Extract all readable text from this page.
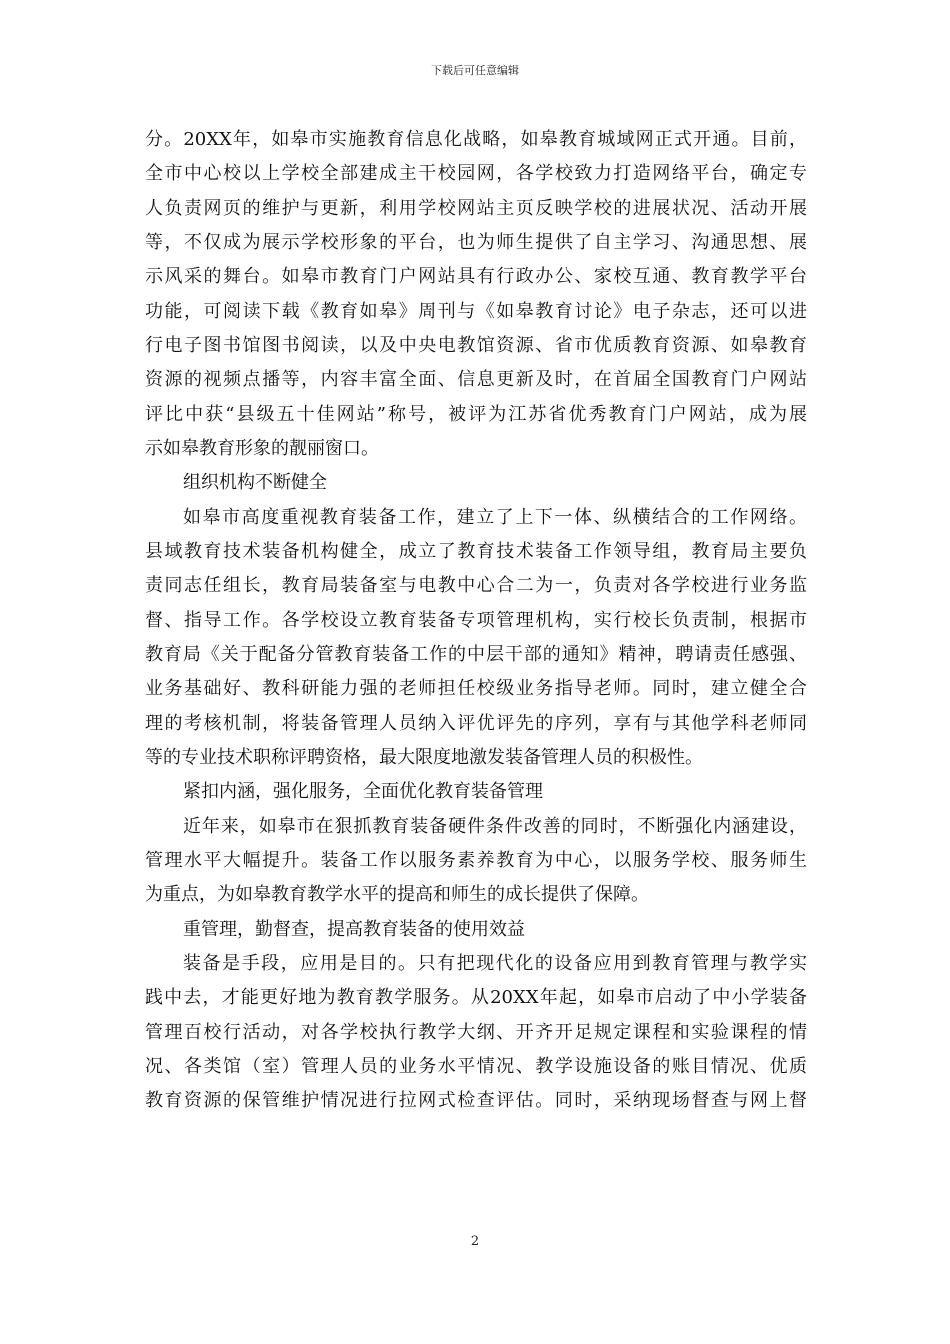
下载后可任意编辑
分。20XX年，如皋市实施教育信息化战略，如皋教育城域网正式开通。目前，
全市中心校以上学校全部建成主干校园网，各学校致力打造网络平台，确定专
人负责网页的维护与更新，利用学校网站主页反映学校的进展状况、活动开展
等，不仅成为展示学校形象的平台，也为师生提供了自主学习、沟通思想、展
示风采的舞台。如皋市教育门户网站具有行政办公、家校互通、教育教学平台
功能，可阅读下载《教育如皋》周刊与《如皋教育讨论》电子杂志，还可以进
行电子图书馆图书阅读，以及中央电教馆资源、省市优质教育资源、如皋教育
资源的视频点播等，内容丰富全面、信息更新及时，在首届全国教育门户网站
评比中获“县级五十佳网站”称号，被评为江苏省优秀教育门户网站，成为展
示如皋教育形象的靓丽窗口。
组织机构不断健全
如皋市高度重视教育装备工作，建立了上下一体、纵横结合的工作网络。
县域教育技术装备机构健全，成立了教育技术装备工作领导组，教育局主要负
责同志任组长，教育局装备室与电教中心合二为一，负责对各学校进行业务监
督、指导工作。各学校设立教育装备专项管理机构，实行校长负责制，根据市
教育局《关于配备分管教育装备工作的中层干部的通知》精神，聘请责任感强、
业务基础好、教科研能力强的老师担任校级业务指导老师。同时，建立健全合
理的考核机制，将装备管理人员纳入评优评先的序列，享有与其他学科老师同
等的专业技术职称评聘资格，最大限度地激发装备管理人员的积极性。
紧扣内涵，强化服务，全面优化教育装备管理
近年来，如皋市在狠抓教育装备硬件条件改善的同时，不断强化内涵建设，
管理水平大幅提升。装备工作以服务素养教育为中心，以服务学校、服务师生
为重点，为如皋教育教学水平的提高和师生的成长提供了保障。
重管理，勤督查，提高教育装备的使用效益
装备是手段，应用是目的。只有把现代化的设备应用到教育管理与教学实
践中去，才能更好地为教育教学服务。从20XX年起，如皋市启动了中小学装备
管理百校行活动，对各学校执行教学大纲、开齐开足规定课程和实验课程的情
况、各类馆（室）管理人员的业务水平情况、教学设施设备的账目情况、优质
教育资源的保管维护情况进行拉网式检查评估。同时，采纳现场督查与网上督
2
